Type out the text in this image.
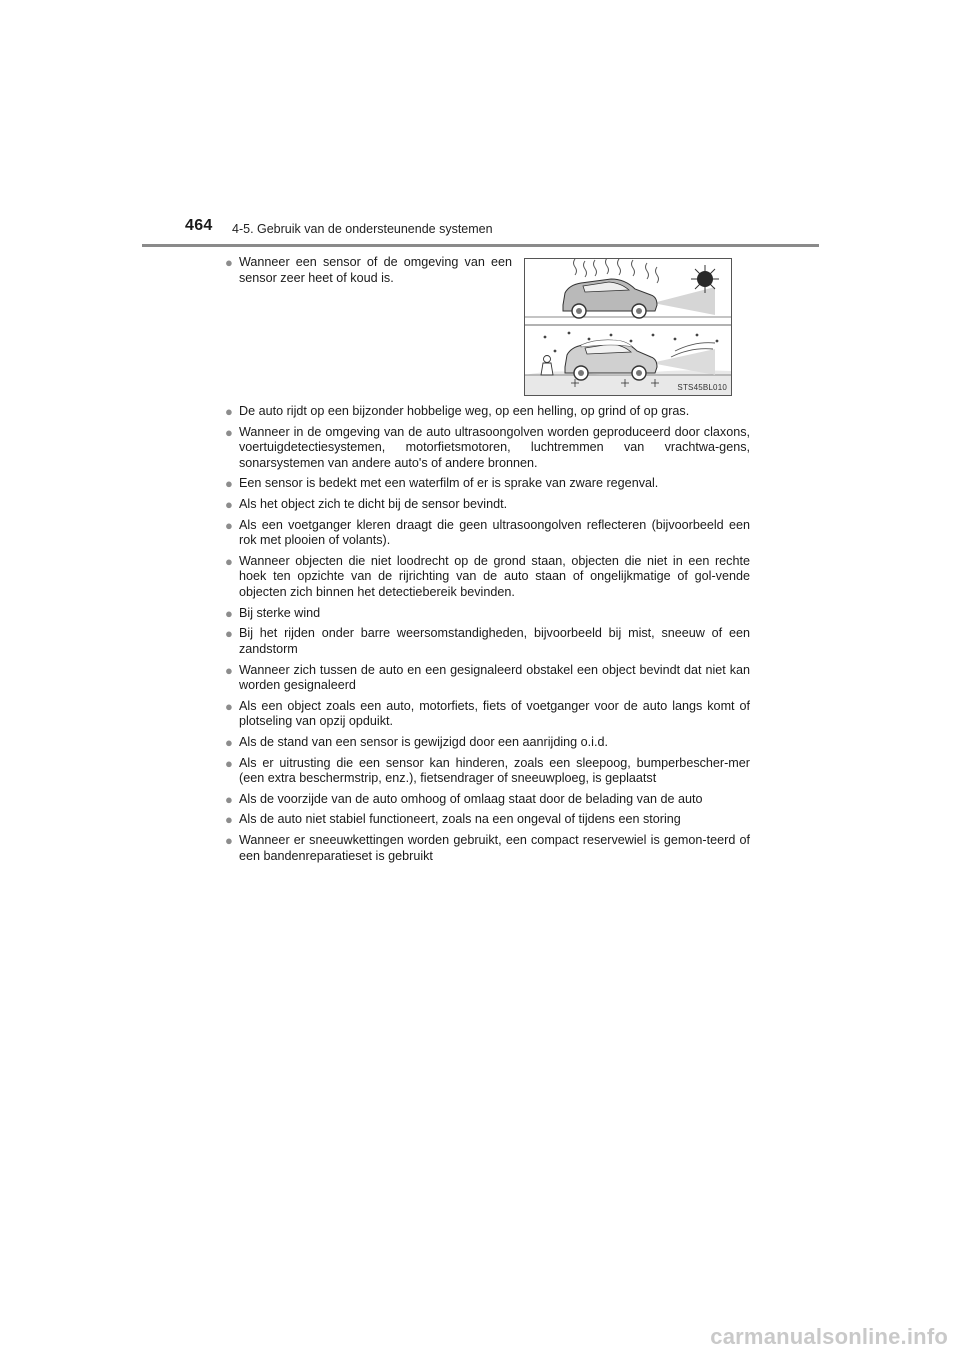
464 4-5. Gebruik van de ondersteunende systemen
● Wanneer een sensor of de omgeving van een sensor zeer heet of koud is.
STS45BL010
● De auto rijdt op een bijzonder hobbelige weg, op een helling, op grind of op gras.
● Wanneer in de omgeving van de auto ultrasoongolven worden geproduceerd door claxons, voertuigdetectiesystemen, motorfietsmotoren, luchtremmen van vrachtwa-gens, sonarsystemen van andere auto's of andere bronnen.
● Een sensor is bedekt met een waterfilm of er is sprake van zware regenval.
● Als het object zich te dicht bij de sensor bevindt.
● Als een voetganger kleren draagt die geen ultrasoongolven reflecteren (bijvoorbeeld een rok met plooien of volants).
● Wanneer objecten die niet loodrecht op de grond staan, objecten die niet in een rechte hoek ten opzichte van de rijrichting van de auto staan of ongelijkmatige of gol-vende objecten zich binnen het detectiebereik bevinden.
● Bij sterke wind
● Bij het rijden onder barre weersomstandigheden, bijvoorbeeld bij mist, sneeuw of een zandstorm
● Wanneer zich tussen de auto en een gesignaleerd obstakel een object bevindt dat niet kan worden gesignaleerd
● Als een object zoals een auto, motorfiets, fiets of voetganger voor de auto langs komt of plotseling van opzij opduikt.
● Als de stand van een sensor is gewijzigd door een aanrijding o.i.d.
● Als er uitrusting die een sensor kan hinderen, zoals een sleepoog, bumperbescher-mer (een extra beschermstrip, enz.), fietsendrager of sneeuwploeg, is geplaatst
● Als de voorzijde van de auto omhoog of omlaag staat door de belading van de auto
● Als de auto niet stabiel functioneert, zoals na een ongeval of tijdens een storing
● Wanneer er sneeuwkettingen worden gebruikt, een compact reservewiel is gemon-teerd of een bandenreparatieset is gebruikt
carmanualsonline.info
